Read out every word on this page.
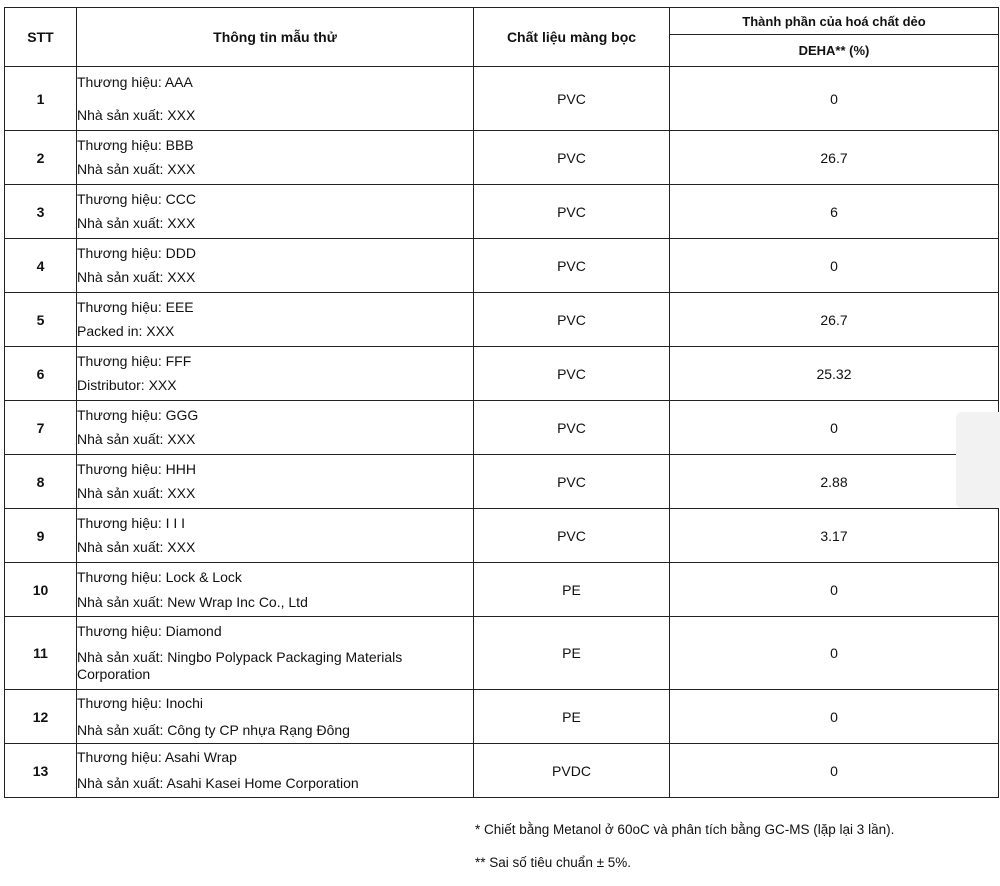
STT	Thông tin mẫu thử	Chất liệu màng bọc	Thành phần của hoá chất dẻo
			DEHA** (%)
1	Thương hiệu: AAA
Nhà sản xuất: XXX	PVC	0
2	Thương hiệu: BBB
Nhà sản xuất: XXX	PVC	26.7
3	Thương hiệu: CCC
Nhà sản xuất: XXX	PVC	6
4	Thương hiệu: DDD
Nhà sản xuất: XXX	PVC	0
5	Thương hiệu: EEE
Packed in: XXX	PVC	26.7
6	Thương hiệu: FFF
Distributor: XXX	PVC	25.32
7	Thương hiệu: GGG
Nhà sản xuất: XXX	PVC	0
8	Thương hiệu: HHH
Nhà sản xuất: XXX	PVC	2.88
9	Thương hiệu: I I I
Nhà sản xuất: XXX	PVC	3.17
10	Thương hiệu: Lock & Lock
Nhà sản xuất: New Wrap Inc Co., Ltd	PE	0
11	Thương hiệu: Diamond
Nhà sản xuất: Ningbo Polypack Packaging Materials Corporation	PE	0
12	Thương hiệu: Inochi
Nhà sản xuất: Công ty CP nhựa Rạng Đông	PE	0
13	Thương hiệu: Asahi Wrap
Nhà sản xuất: Asahi Kasei Home Corporation	PVDC	0
* Chiết bằng Metanol ở 60oC và phân tích bằng GC-MS (lặp lại 3 lần).
** Sai số tiêu chuẩn ± 5%.
